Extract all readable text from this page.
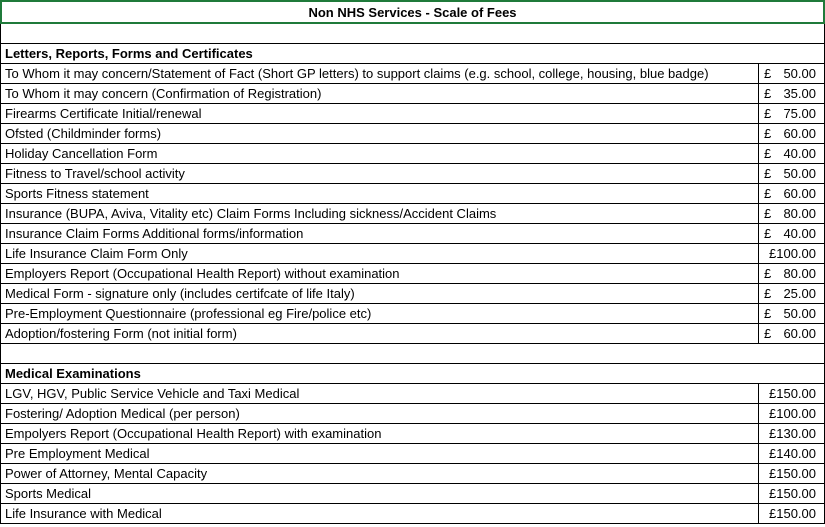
Non NHS Services - Scale of Fees
Letters, Reports, Forms and Certificates
To Whom it may concern/Statement of Fact (Short GP letters) to support claims (e.g. school, college, housing, blue badge)	£ 50.00
To Whom it may concern (Confirmation of Registration)	£ 35.00
Firearms Certificate Initial/renewal	£ 75.00
Ofsted (Childminder forms)	£ 60.00
Holiday Cancellation Form	£ 40.00
Fitness to Travel/school activity	£ 50.00
Sports Fitness statement	£ 60.00
Insurance (BUPA, Aviva, Vitality etc) Claim Forms Including sickness/Accident Claims	£ 80.00
Insurance Claim Forms Additional forms/information	£ 40.00
Life Insurance Claim Form Only	£ 100.00
Employers Report (Occupational Health Report) without examination	£ 80.00
Medical Form - signature only (includes certifcate of life Italy)	£ 25.00
Pre-Employment Questionnaire (professional eg Fire/police etc)	£ 50.00
Adoption/fostering Form (not initial form)	£ 60.00
Medical Examinations
LGV, HGV, Public Service Vehicle and Taxi Medical	£ 150.00
Fostering/ Adoption Medical (per person)	£ 100.00
Empolyers Report (Occupational Health Report) with examination	£ 130.00
Pre Employment Medical	£ 140.00
Power of Attorney, Mental Capacity	£ 150.00
Sports Medical	£ 150.00
Life Insurance with Medical	£ 150.00
